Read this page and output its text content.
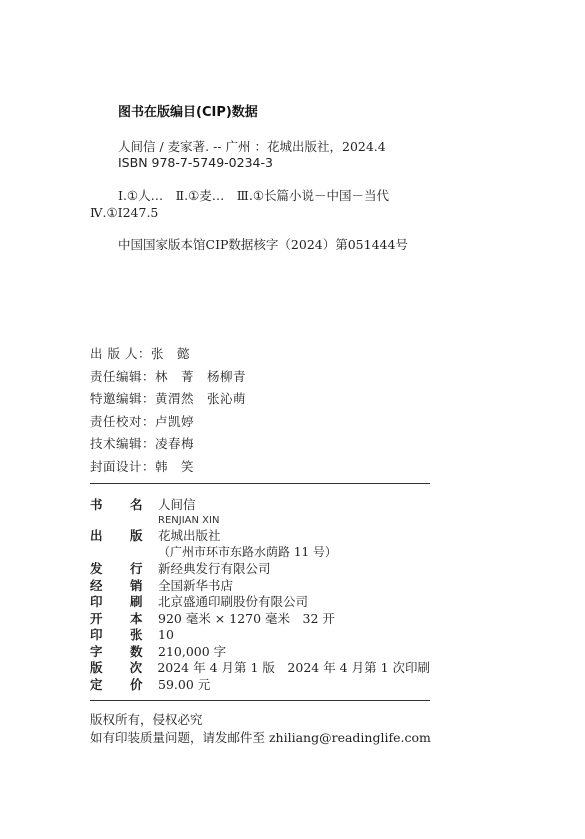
图书在版编目(CIP)数据
人间信 / 麦家著. -- 广州 ：花城出版社，2024.4
ISBN 978-7-5749-0234-3
Ⅰ.①人…　Ⅱ.①麦…　Ⅲ.①长篇小说－中国－当代
Ⅳ.①I247.5
中国国家版本馆CIP数据核字（2024）第051444号
出 版 人：张　懿
责任编辑：林　菁　杨柳青
特邀编辑：黄渭然　张沁萌
责任校对：卢凯婷
技术编辑：凌春梅
封面设计：韩　笑
书	名	人间信
RENJIAN XIN
出	版	花城出版社
（广州市环市东路水荫路 11 号）
发	行	新经典发行有限公司
经	销	全国新华书店
印	刷	北京盛通印刷股份有限公司
开	本	920 毫米 × 1270 毫米　32 开
印	张	10
字	数	210,000 字
版	次	2024 年 4 月第 1 版　2024 年 4 月第 1 次印刷
定	价	59.00 元
版权所有，侵权必究
如有印装质量问题，请发邮件至 zhiliang@readinglife.com
